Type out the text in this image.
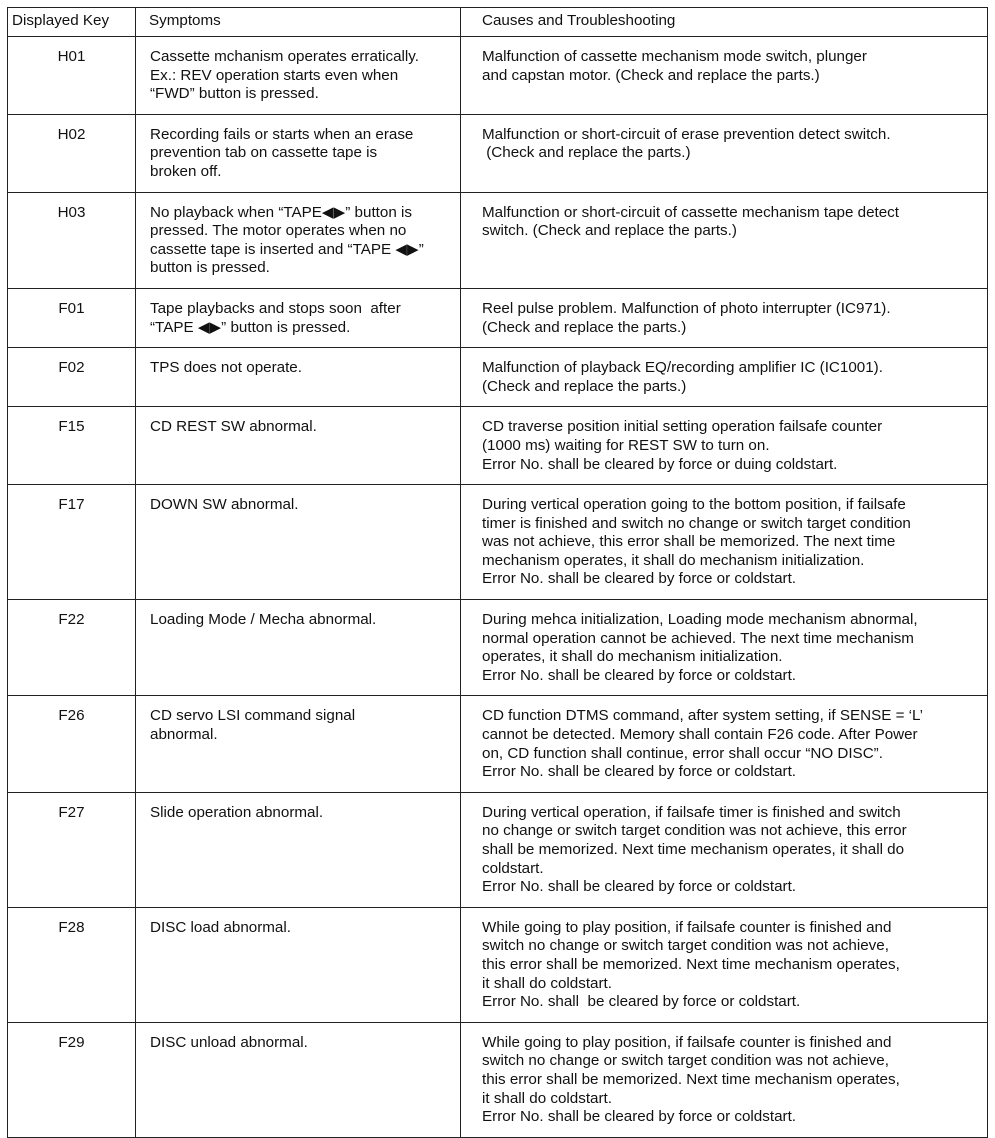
Displayed Key	Symptoms	Causes and Troubleshooting
H01	Cassette mchanism operates erratically.
Ex.: REV operation starts even when
“FWD” button is pressed.	Malfunction of cassette mechanism mode switch, plunger
and capstan motor. (Check and replace the parts.)

H02	Recording fails or starts when an erase
prevention tab on cassette tape is
broken off.	Malfunction or short-circuit of erase prevention detect switch.
(Check and replace the parts.)

H03	No playback when “TAPE◀▶” button is
pressed. The motor operates when no
cassette tape is inserted and “TAPE ◀▶”
button is pressed.	Malfunction or short-circuit of cassette mechanism tape detect
switch. (Check and replace the parts.)

F01	Tape playbacks and stops soon  after
“TAPE ◀▶” button is pressed.	Reel pulse problem. Malfunction of photo interrupter (IC971).
(Check and replace the parts.)

F02	TPS does not operate.	Malfunction of playback EQ/recording amplifier IC (IC1001).
(Check and replace the parts.)

F15	CD REST SW abnormal.	CD traverse position initial setting operation failsafe counter
(1000 ms) waiting for REST SW to turn on.
Error No. shall be cleared by force or duing coldstart.

F17	DOWN SW abnormal.	During vertical operation going to the bottom position, if failsafe
timer is finished and switch no change or switch target condition
was not achieve, this error shall be memorized. The next time
mechanism operates, it shall do mechanism initialization.
Error No. shall be cleared by force or coldstart.

F22	Loading Mode / Mecha abnormal.	During mehca initialization, Loading mode mechanism abnormal,
normal operation cannot be achieved. The next time mechanism
operates, it shall do mechanism initialization.
Error No. shall be cleared by force or coldstart.

F26	CD servo LSI command signal
abnormal.	CD function DTMS command, after system setting, if SENSE = ‘L’
cannot be detected. Memory shall contain F26 code. After Power
on, CD function shall continue, error shall occur “NO DISC”.
Error No. shall be cleared by force or coldstart.

F27	Slide operation abnormal.	During vertical operation, if failsafe timer is finished and switch
no change or switch target condition was not achieve, this error
shall be memorized. Next time mechanism operates, it shall do
coldstart.
Error No. shall be cleared by force or coldstart.

F28	DISC load abnormal.	While going to play position, if failsafe counter is finished and
switch no change or switch target condition was not achieve,
this error shall be memorized. Next time mechanism operates,
it shall do coldstart.
Error No. shall  be cleared by force or coldstart.

F29	DISC unload abnormal.	While going to play position, if failsafe counter is finished and
switch no change or switch target condition was not achieve,
this error shall be memorized. Next time mechanism operates,
it shall do coldstart.
Error No. shall be cleared by force or coldstart.
